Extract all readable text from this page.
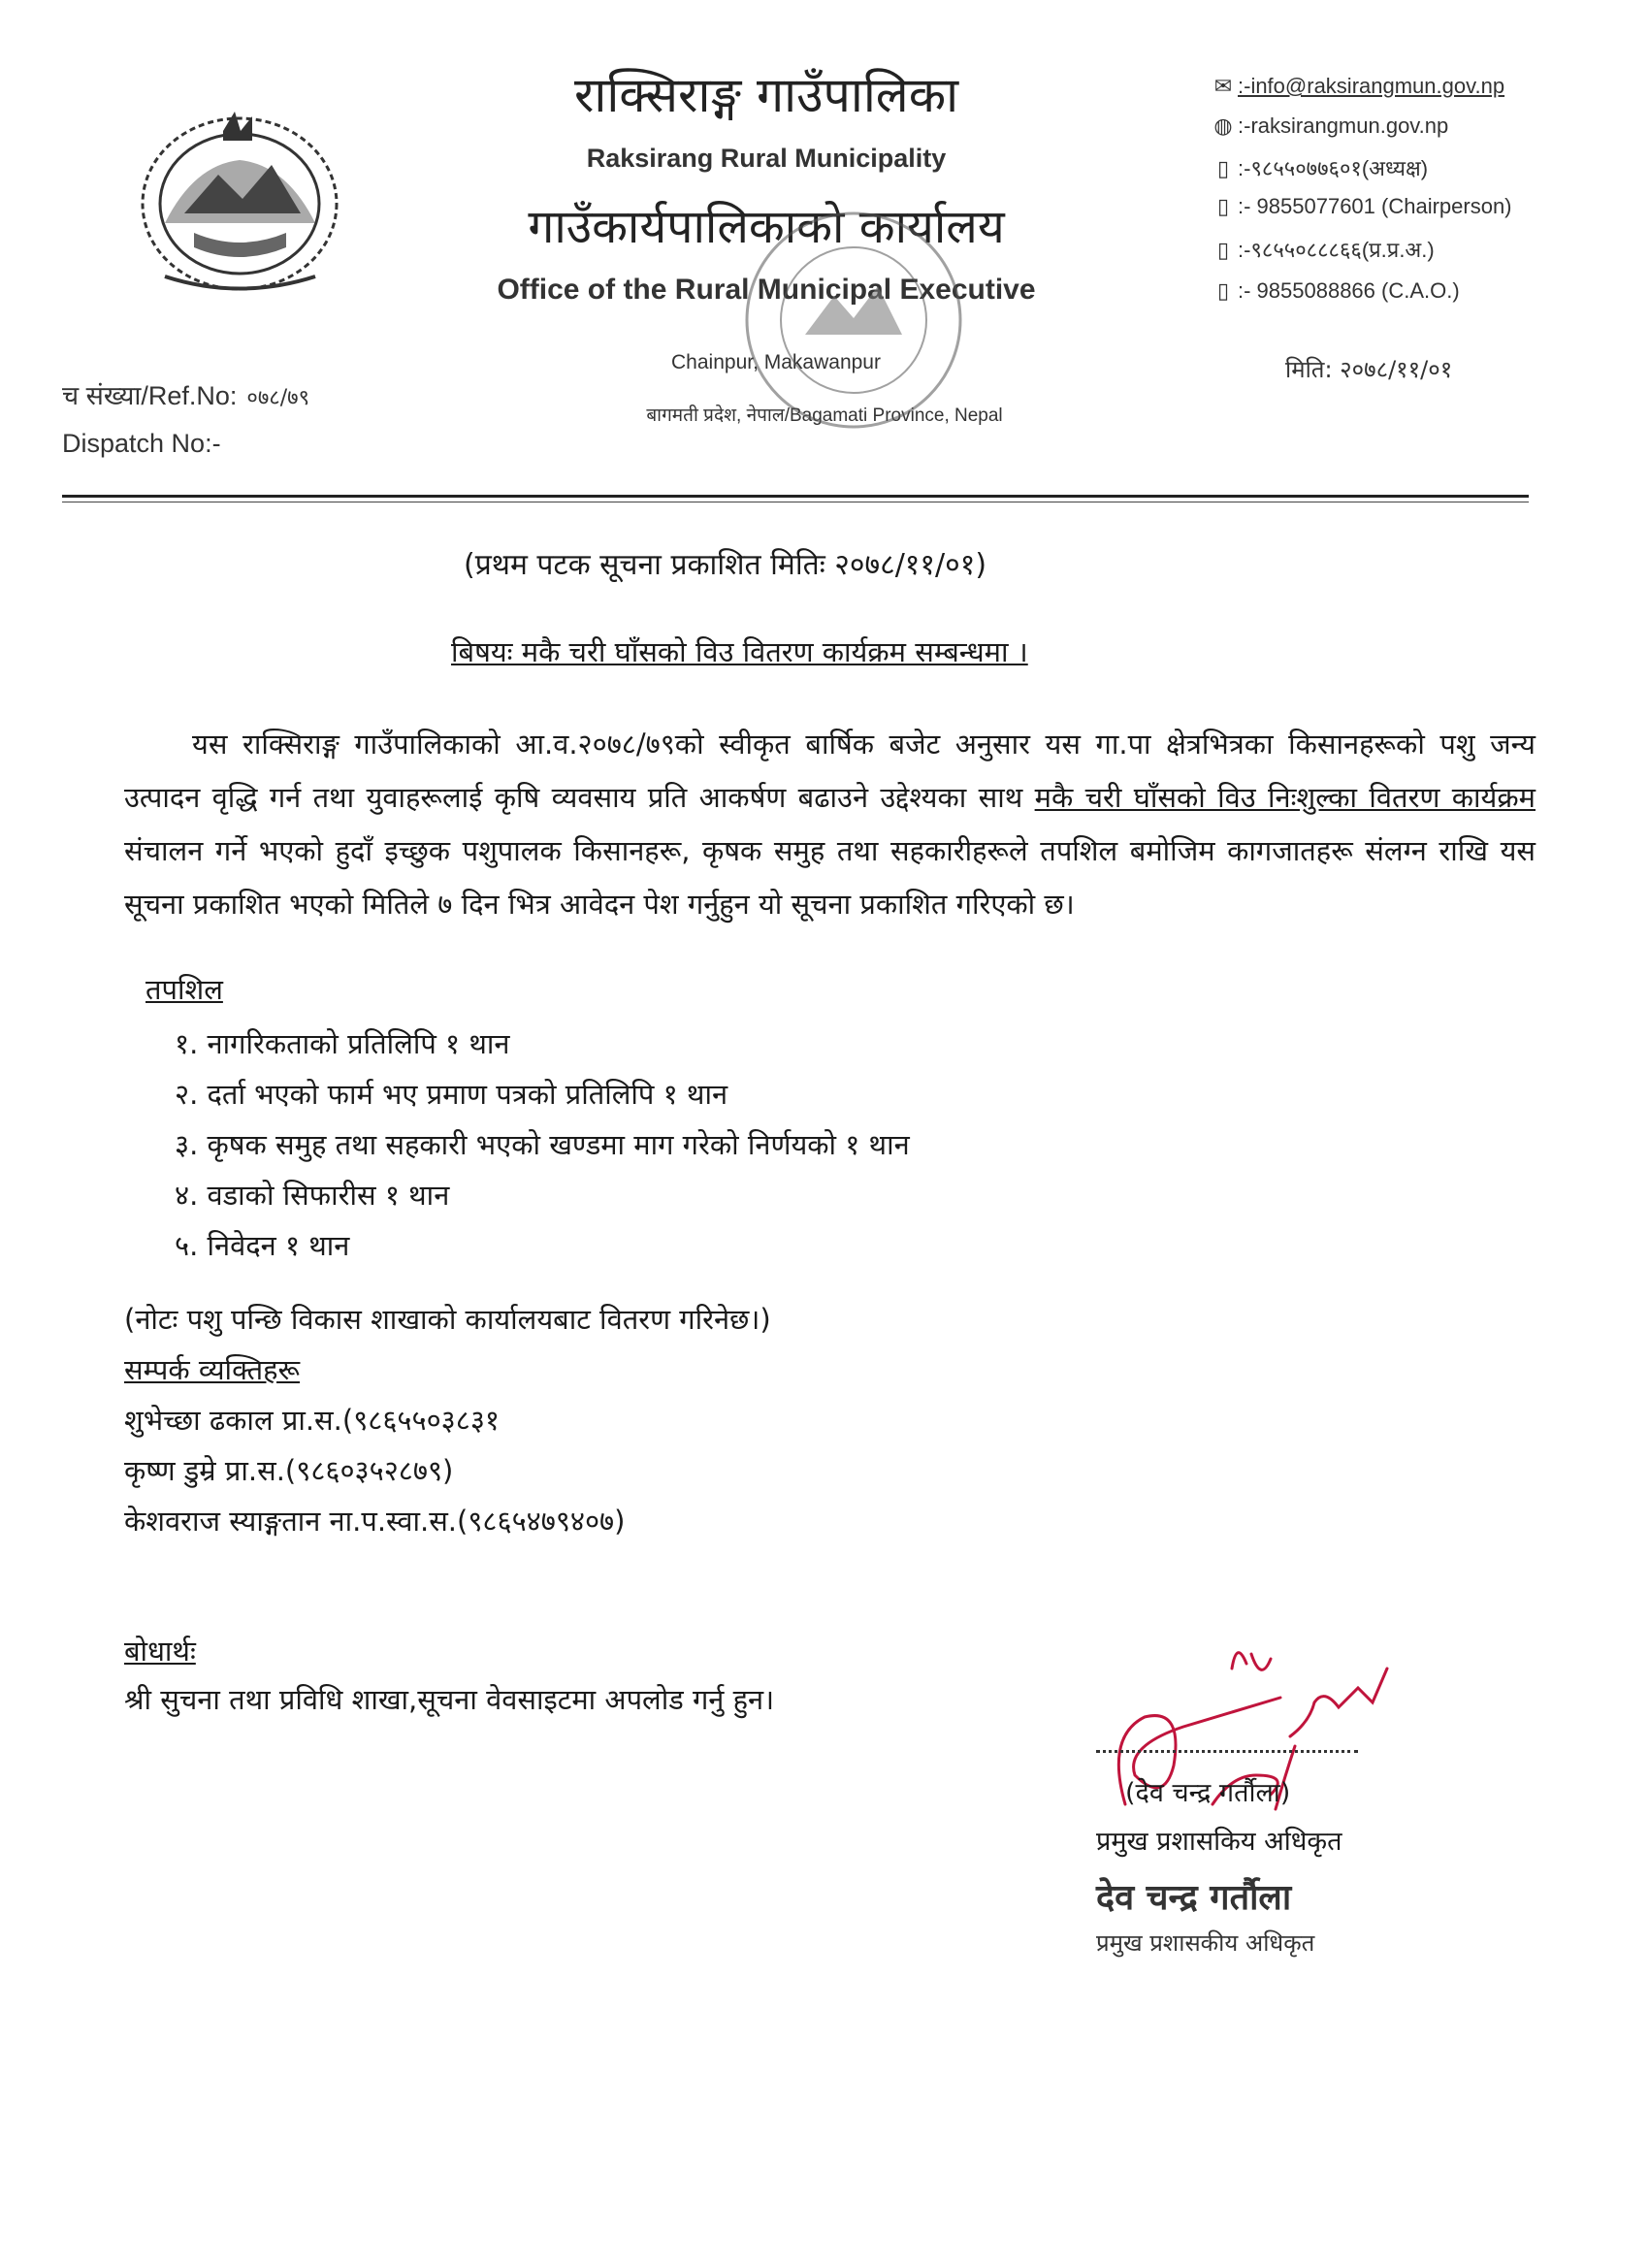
राक्सिराङ्ग गाउँपालिका
Raksirang Rural Municipality
गाउँकार्यपालिकाको कार्यालय
Office of the Rural Municipal Executive
Chainpur, Makawanpur
बागमती प्रदेश, नेपाल/Bagamati Province, Nepal
✉ :-info@raksirangmun.gov.np
◍ :-raksirangmun.gov.np
▯ :-९८५५०७७६०१(अध्यक्ष)
▯ :- 9855077601 (Chairperson)
▯ :-९८५५०८८८६६(प्र.प्र.अ.)
▯ :- 9855088866 (C.A.O.)
मिति: २०७८/११/०१
च संख्या/Ref.No: ०७८/७९
Dispatch No:-
(प्रथम पटक सूचना प्रकाशित मितिः २०७८/११/०१)
बिषयः मकै चरी घाँसको विउ वितरण कार्यक्रम सम्बन्धमा ।
यस राक्सिराङ्ग गाउँपालिकाको आ.व.२०७८/७९को स्वीकृत बार्षिक बजेट अनुसार यस गा.पा क्षेत्रभित्रका किसानहरूको पशु जन्य उत्पादन वृद्धि गर्न तथा युवाहरूलाई कृषि व्यवसाय प्रति आकर्षण बढाउने उद्देश्यका साथ मकै चरी घाँसको विउ निःशुल्का वितरण कार्यक्रम संचालन गर्ने भएको हुदाँ इच्छुक पशुपालक किसानहरू, कृषक समुह तथा सहकारीहरूले तपशिल बमोजिम कागजातहरू संलग्न राखि यस सूचना प्रकाशित भएको मितिले ७ दिन भित्र आवेदन पेश गर्नुहुन यो सूचना प्रकाशित गरिएको छ।
तपशिल
१. नागरिकताको प्रतिलिपि १ थान
२. दर्ता भएको फार्म भए प्रमाण पत्रको प्रतिलिपि १ थान
३. कृषक समुह तथा सहकारी भएको खण्डमा माग गरेको निर्णयको १ थान
४. वडाको सिफारीस १ थान
५. निवेदन १ थान
(नोटः पशु पन्छि विकास शाखाको कार्यालयबाट वितरण गरिनेछ।)
सम्पर्क व्यक्तिहरू
शुभेच्छा ढकाल प्रा.स.(९८६५५०३८३१
कृष्ण डुम्रे प्रा.स.(९८६०३५२८७९)
केशवराज स्याङ्गतान ना.प.स्वा.स.(९८६५४७९४०७)
बोधार्थः
श्री सुचना तथा प्रविधि शाखा,सूचना वेवसाइटमा अपलोड गर्नु हुन।
(देव चन्द्र गर्तौला)
प्रमुख प्रशासकिय अधिकृत
देव चन्द्र गर्तौला
प्रमुख प्रशासकीय अधिकृत
